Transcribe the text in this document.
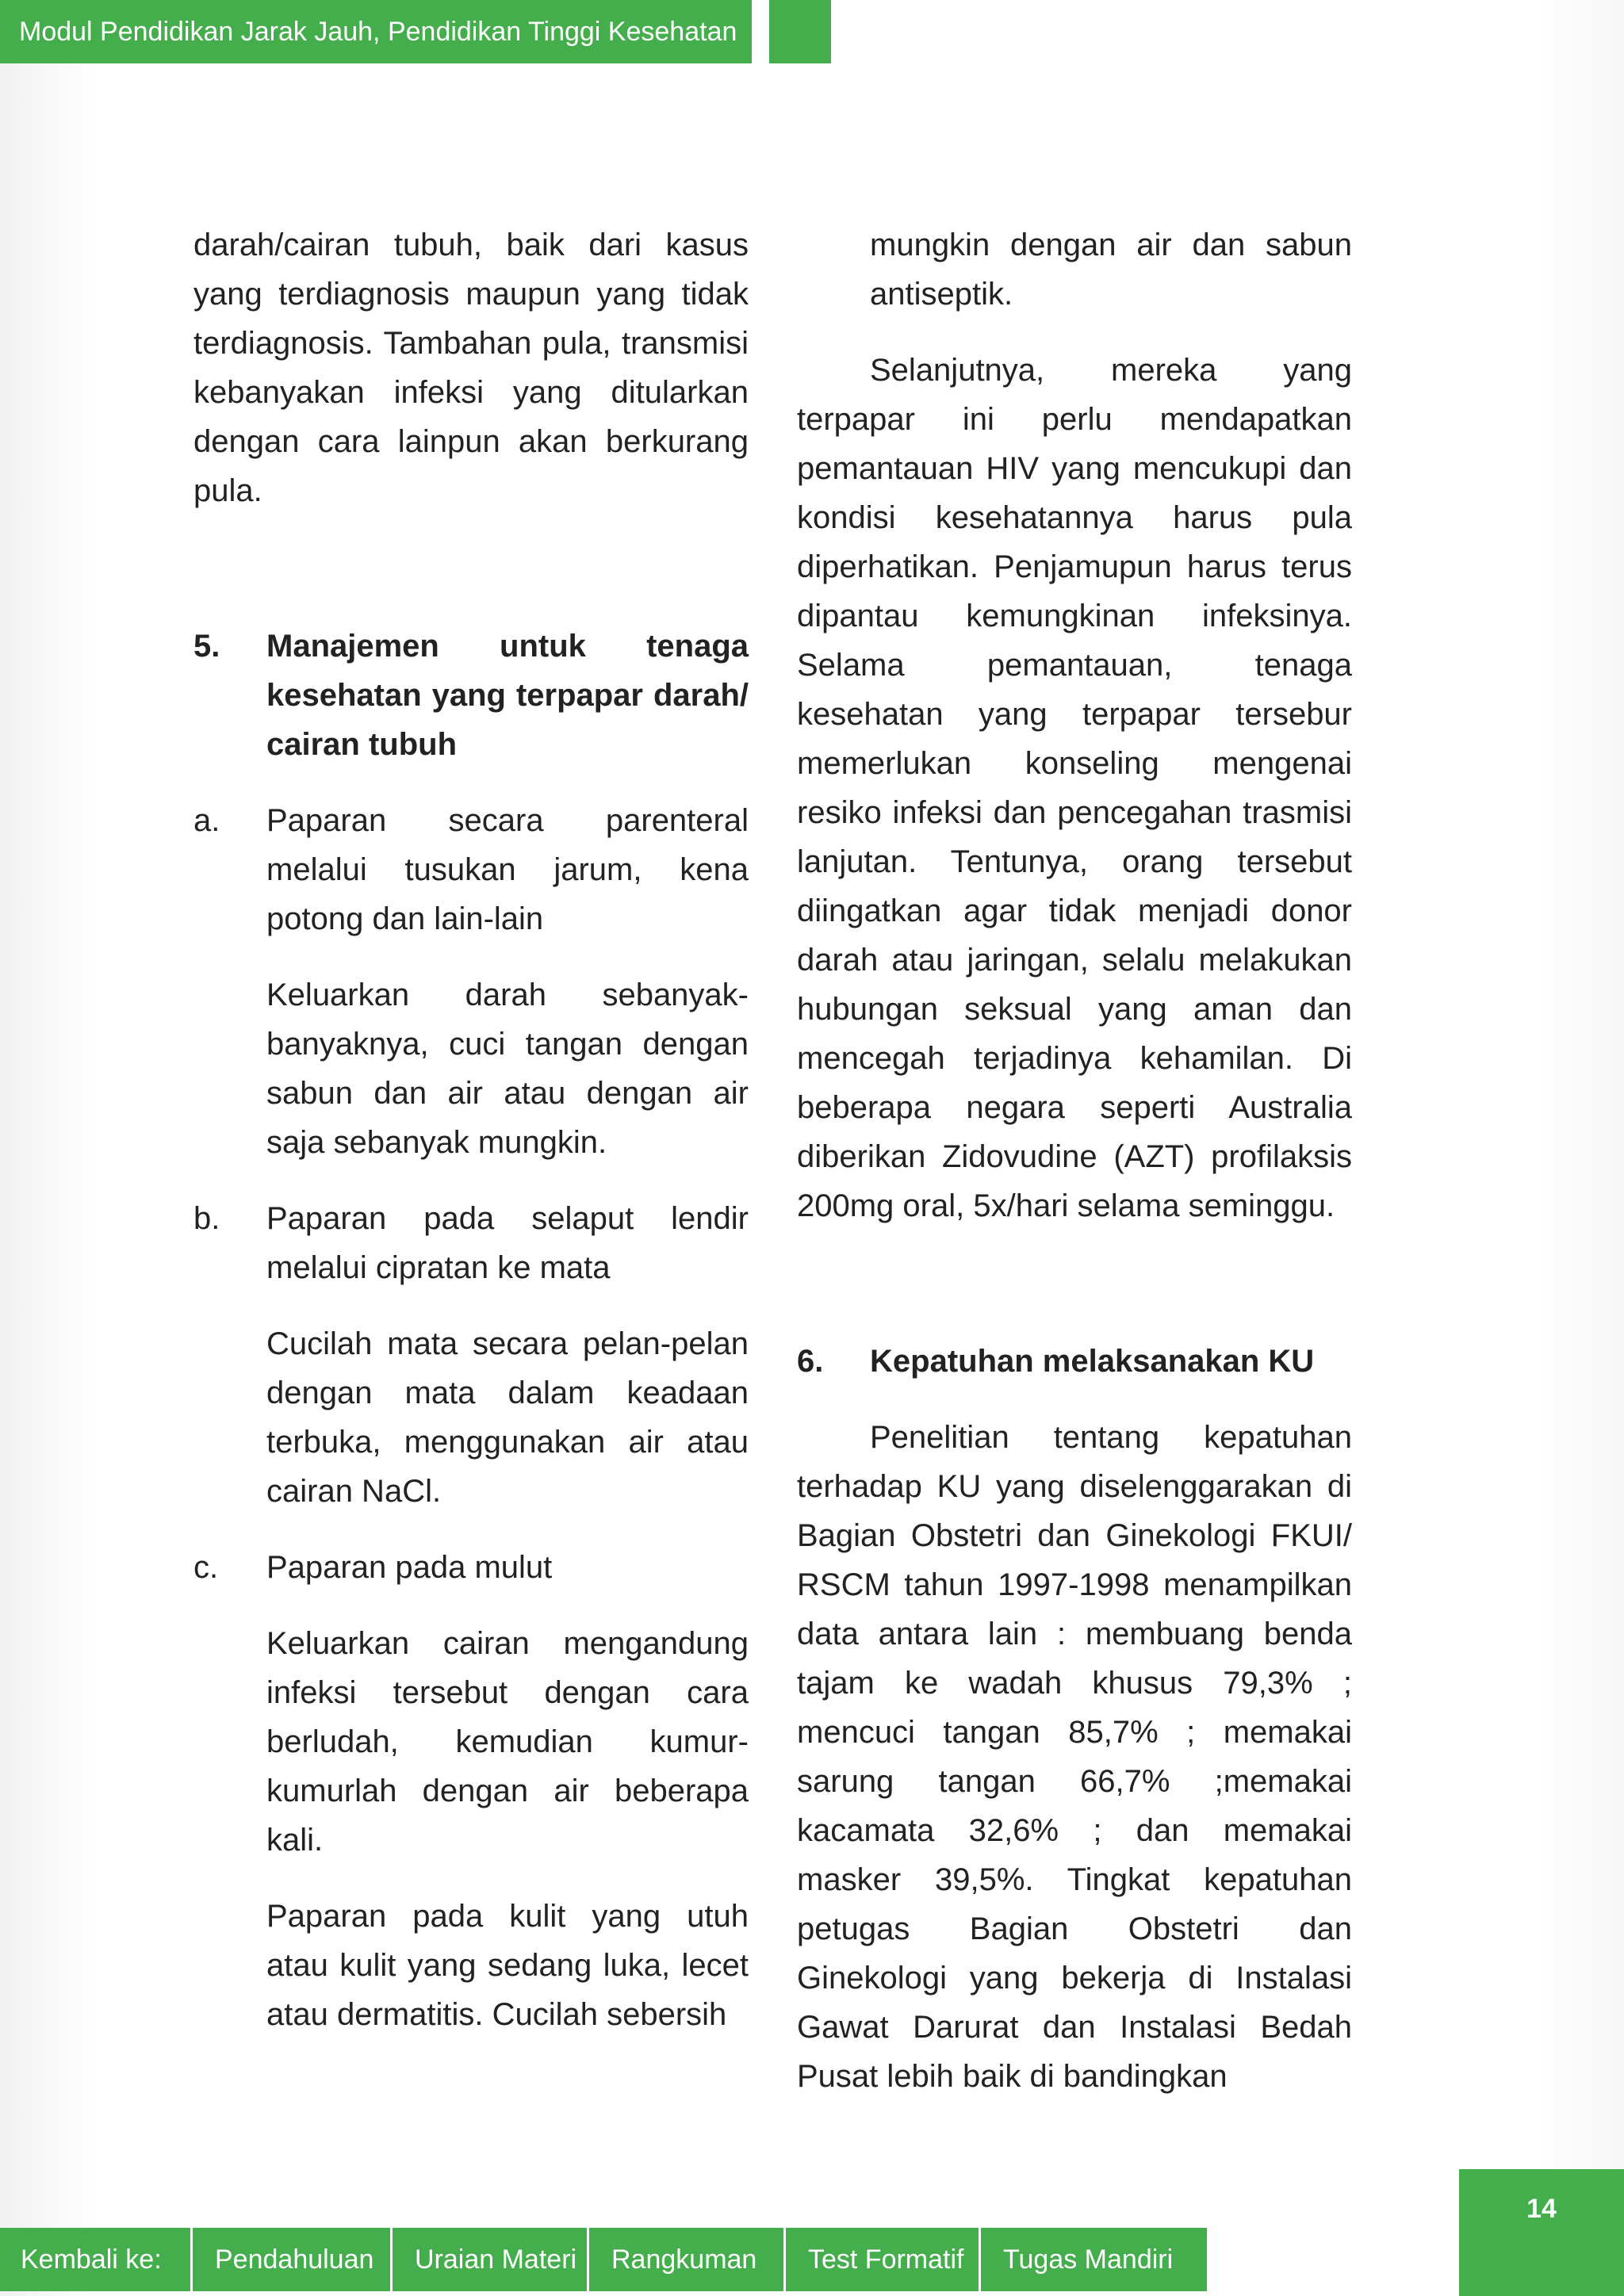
Modul Pendidikan Jarak Jauh, Pendidikan Tinggi Kesehatan

darah/cairan tubuh, baik dari kasus yang terdiagnosis maupun yang tidak terdiagnosis. Tambahan pula, transmisi kebanyakan infeksi yang ditularkan dengan cara lainpun akan berkurang pula.

5. Manajemen untuk tenaga kesehatan yang terpapar darah/ cairan tubuh
a. Paparan secara parenteral melalui tusukan jarum, kena potong dan lain-lain

Keluarkan darah sebanyak-banyaknya, cuci tangan dengan sabun dan air atau dengan air saja sebanyak mungkin.

b. Paparan pada selaput lendir melalui cipratan ke mata

Cucilah mata secara pelan-pelan dengan mata dalam keadaan terbuka, menggunakan air atau cairan NaCl.

c. Paparan pada mulut

Keluarkan cairan mengandung infeksi tersebut dengan cara berludah, kemudian kumur-kumurlah dengan air beberapa kali.

Paparan pada kulit yang utuh atau kulit yang sedang luka, lecet atau dermatitis. Cucilah sebersih

mungkin dengan air dan sabun antiseptik.

Selanjutnya, mereka yang terpapar ini perlu mendapatkan pemantauan HIV yang mencukupi dan kondisi kesehatannya harus pula diperhatikan. Penjamupun harus terus dipantau kemungkinan infeksinya. Selama pemantauan, tenaga kesehatan yang terpapar tersebur memerlukan konseling mengenai resiko infeksi dan pencegahan trasmisi lanjutan. Tentunya, orang tersebut diingatkan agar tidak menjadi donor darah atau jaringan, selalu melakukan hubungan seksual yang aman dan mencegah terjadinya kehamilan. Di beberapa negara seperti Australia diberikan Zidovudine (AZT) profilaksis 200mg oral, 5x/hari selama seminggu.

6. Kepatuhan melaksanakan KU

Penelitian tentang kepatuhan terhadap KU yang diselenggarakan di Bagian Obstetri dan Ginekologi FKUI/ RSCM tahun 1997-1998 menampilkan data antara lain : membuang benda tajam ke wadah khusus 79,3% ; mencuci tangan 85,7% ; memakai sarung tangan 66,7% ;memakai kacamata 32,6% ; dan memakai masker 39,5%. Tingkat kepatuhan petugas Bagian Obstetri dan Ginekologi yang bekerja di Instalasi Gawat Darurat dan Instalasi Bedah Pusat lebih baik di bandingkan

14
Kembali ke:	Pendahuluan	Uraian Materi	Rangkuman	Test Formatif	Tugas Mandiri
